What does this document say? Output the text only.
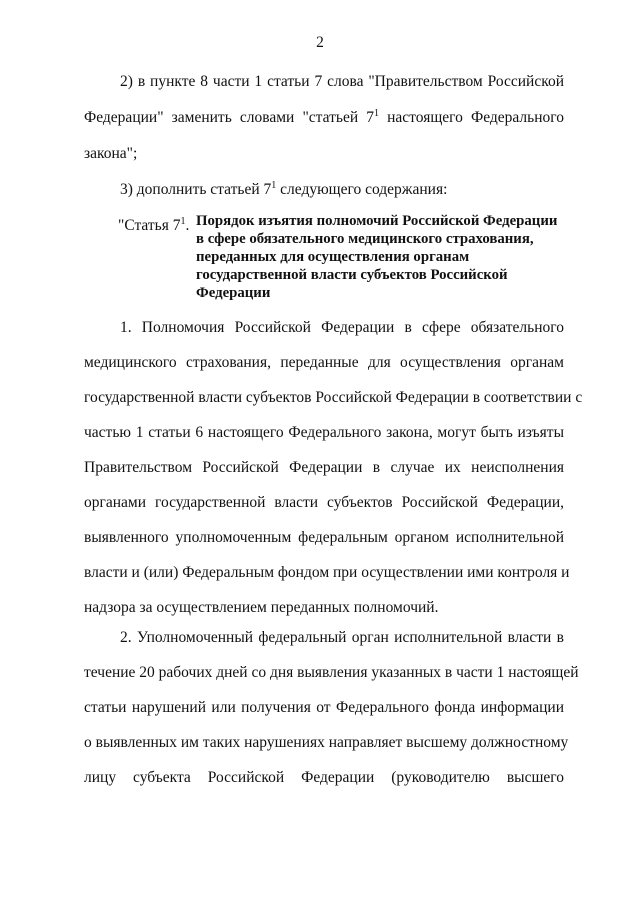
2
2) в пункте 8 части 1 статьи 7 слова "Правительством Российской
Федерации" заменить словами "статьей $7^1$ настоящего Федерального
закона";
3) дополнить статьей $7^1$ следующего содержания:
"Статья $7^1$. Порядок изъятия полномочий Российской Федерации
в сфере обязательного медицинского страхования,
переданных для осуществления органам
государственной власти субъектов Российской
Федерации
1. Полномочия Российской Федерации в сфере обязательного
медицинского страхования, переданные для осуществления органам
государственной власти субъектов Российской Федерации в соответствии с
частью 1 статьи 6 настоящего Федерального закона, могут быть изъяты
Правительством Российской Федерации в случае их неисполнения
органами государственной власти субъектов Российской Федерации,
выявленного уполномоченным федеральным органом исполнительной
власти и (или) Федеральным фондом при осуществлении ими контроля и
надзора за осуществлением переданных полномочий.
2. Уполномоченный федеральный орган исполнительной власти в
течение 20 рабочих дней со дня выявления указанных в части 1 настоящей
статьи нарушений или получения от Федерального фонда информации
о выявленных им таких нарушениях направляет высшему должностному
лицу субъекта Российской Федерации (руководителю высшего
